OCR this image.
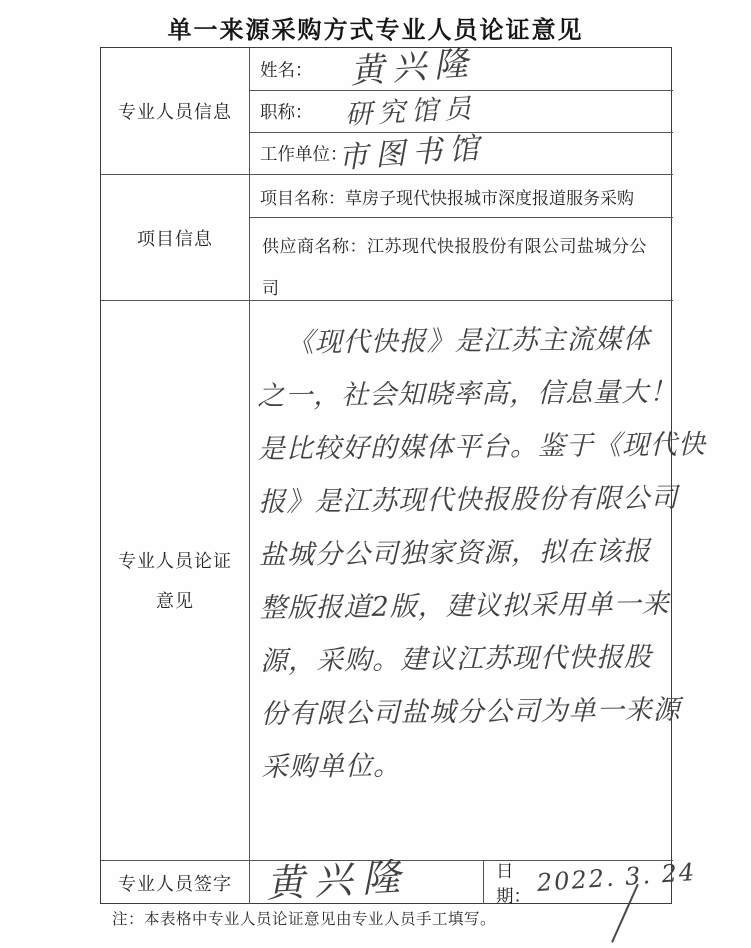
单一来源采购方式专业人员论证意见
专业人员信息
项目信息
专业人员论证
意见
专业人员签字
姓名： 黄兴隆
职称： 研究馆员
工作单位：
市图书馆
项目名称： 草房子现代快报城市深度报道服务采购
供应商名称：江苏现代快报股份有限公司盐城分公司
《现代快报》是江苏主流媒体
之一，社会知晓率高，信息量大！
是比较好的媒体平台。鉴于《现代快
报》是江苏现代快报股份有限公司
盐城分公司独家资源，拟在该报
整版报道2版，建议拟采用单一来
源，采购。建议江苏现代快报股
份有限公司盐城分公司为单一来源
采购单位。
黄兴隆	日期： 2022. 3. 24
注：本表格中专业人员论证意见由专业人员手工填写。
